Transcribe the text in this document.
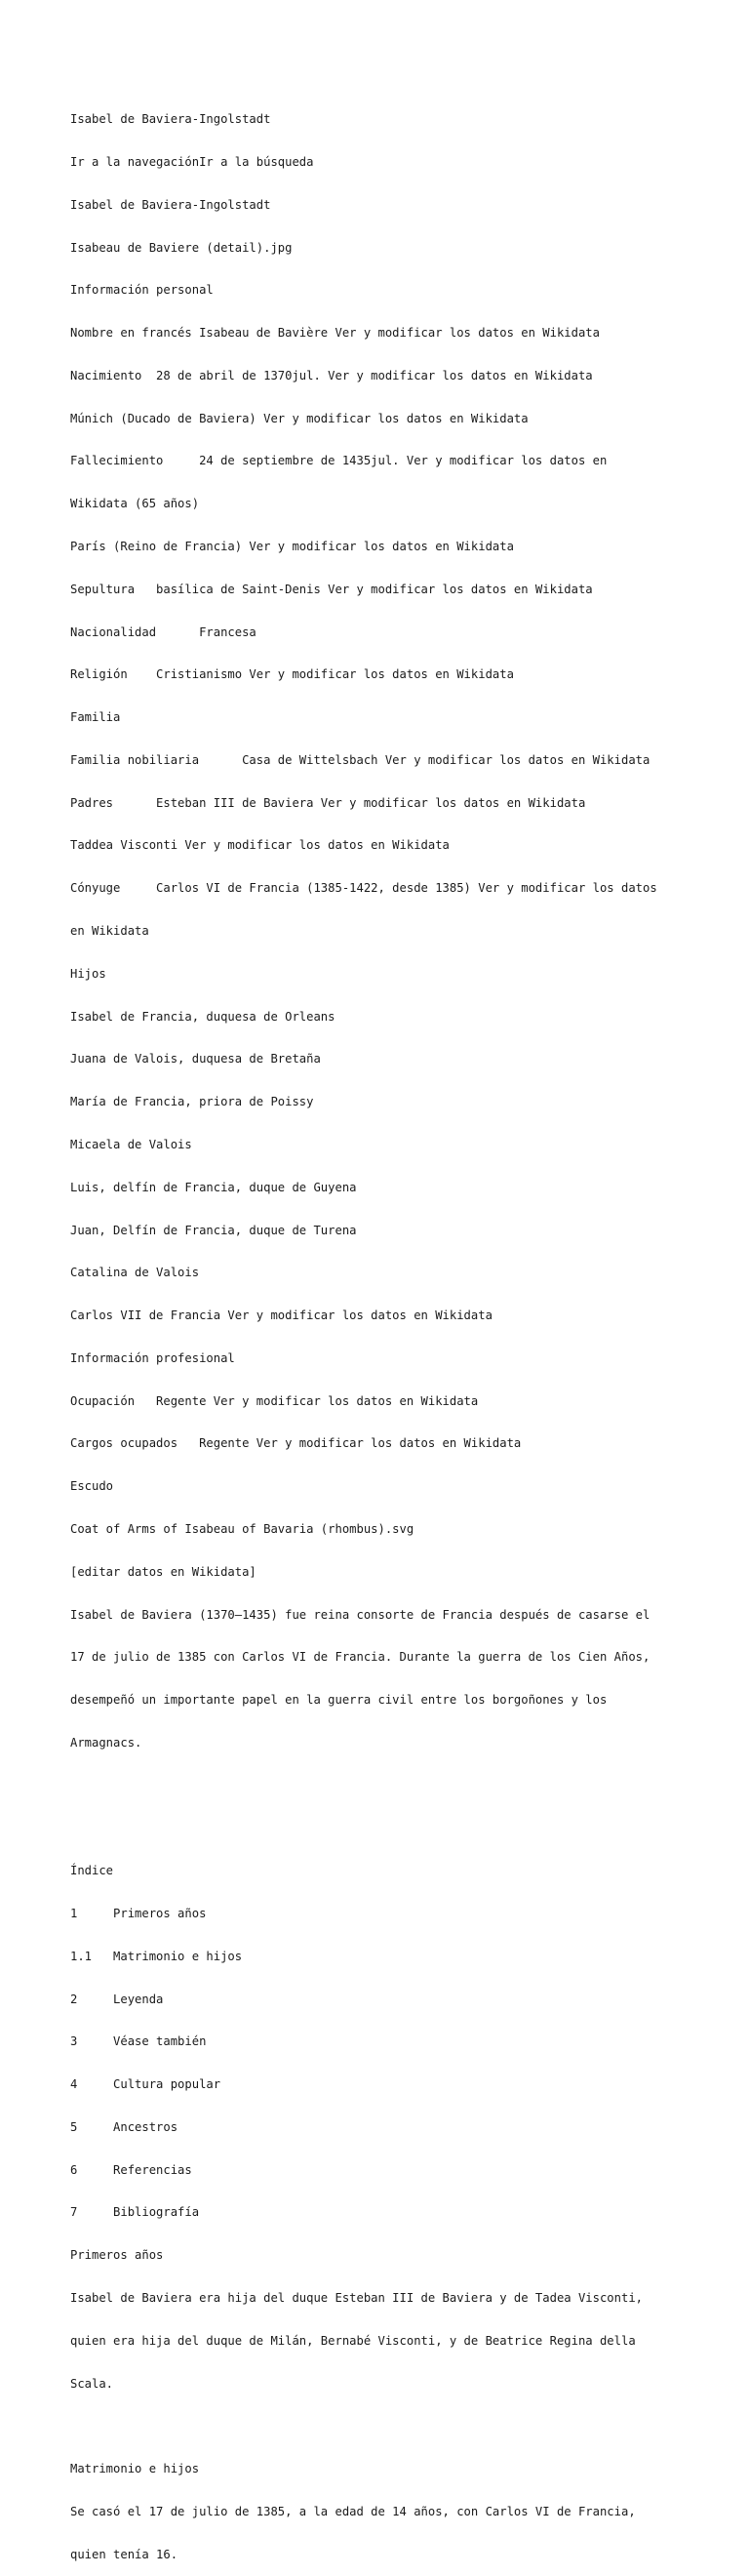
Isabel de Baviera-Ingolstadt

Ir a la navegaciónIr a la búsqueda

Isabel de Baviera-Ingolstadt

Isabeau de Baviere (detail).jpg

Información personal

Nombre en francés Isabeau de Bavière Ver y modificar los datos en Wikidata

Nacimiento  28 de abril de 1370jul. Ver y modificar los datos en Wikidata

Múnich (Ducado de Baviera) Ver y modificar los datos en Wikidata

Fallecimiento     24 de septiembre de 1435jul. Ver y modificar los datos en

Wikidata (65 años)

París (Reino de Francia) Ver y modificar los datos en Wikidata

Sepultura   basílica de Saint-Denis Ver y modificar los datos en Wikidata

Nacionalidad      Francesa

Religión    Cristianismo Ver y modificar los datos en Wikidata

Familia

Familia nobiliaria      Casa de Wittelsbach Ver y modificar los datos en Wikidata

Padres      Esteban III de Baviera Ver y modificar los datos en Wikidata

Taddea Visconti Ver y modificar los datos en Wikidata

Cónyuge     Carlos VI de Francia (1385-1422, desde 1385) Ver y modificar los datos

en Wikidata

Hijos

Isabel de Francia, duquesa de Orleans

Juana de Valois, duquesa de Bretaña

María de Francia, priora de Poissy

Micaela de Valois

Luis, delfín de Francia, duque de Guyena

Juan, Delfín de Francia, duque de Turena

Catalina de Valois

Carlos VII de Francia Ver y modificar los datos en Wikidata

Información profesional

Ocupación   Regente Ver y modificar los datos en Wikidata

Cargos ocupados   Regente Ver y modificar los datos en Wikidata

Escudo

Coat of Arms of Isabeau of Bavaria (rhombus).svg

[editar datos en Wikidata]

Isabel de Baviera (1370–1435) fue reina consorte de Francia después de casarse el

17 de julio de 1385 con Carlos VI de Francia. Durante la guerra de los Cien Años,

desempeñó un importante papel en la guerra civil entre los borgoñones y los

Armagnacs.

Índice

1     Primeros años

1.1   Matrimonio e hijos

2     Leyenda

3     Véase también

4     Cultura popular

5     Ancestros

6     Referencias

7     Bibliografía

Primeros años

Isabel de Baviera era hija del duque Esteban III de Baviera y de Tadea Visconti,

quien era hija del duque de Milán, Bernabé Visconti, y de Beatrice Regina della

Scala.

Matrimonio e hijos

Se casó el 17 de julio de 1385, a la edad de 14 años, con Carlos VI de Francia,

quien tenía 16.
